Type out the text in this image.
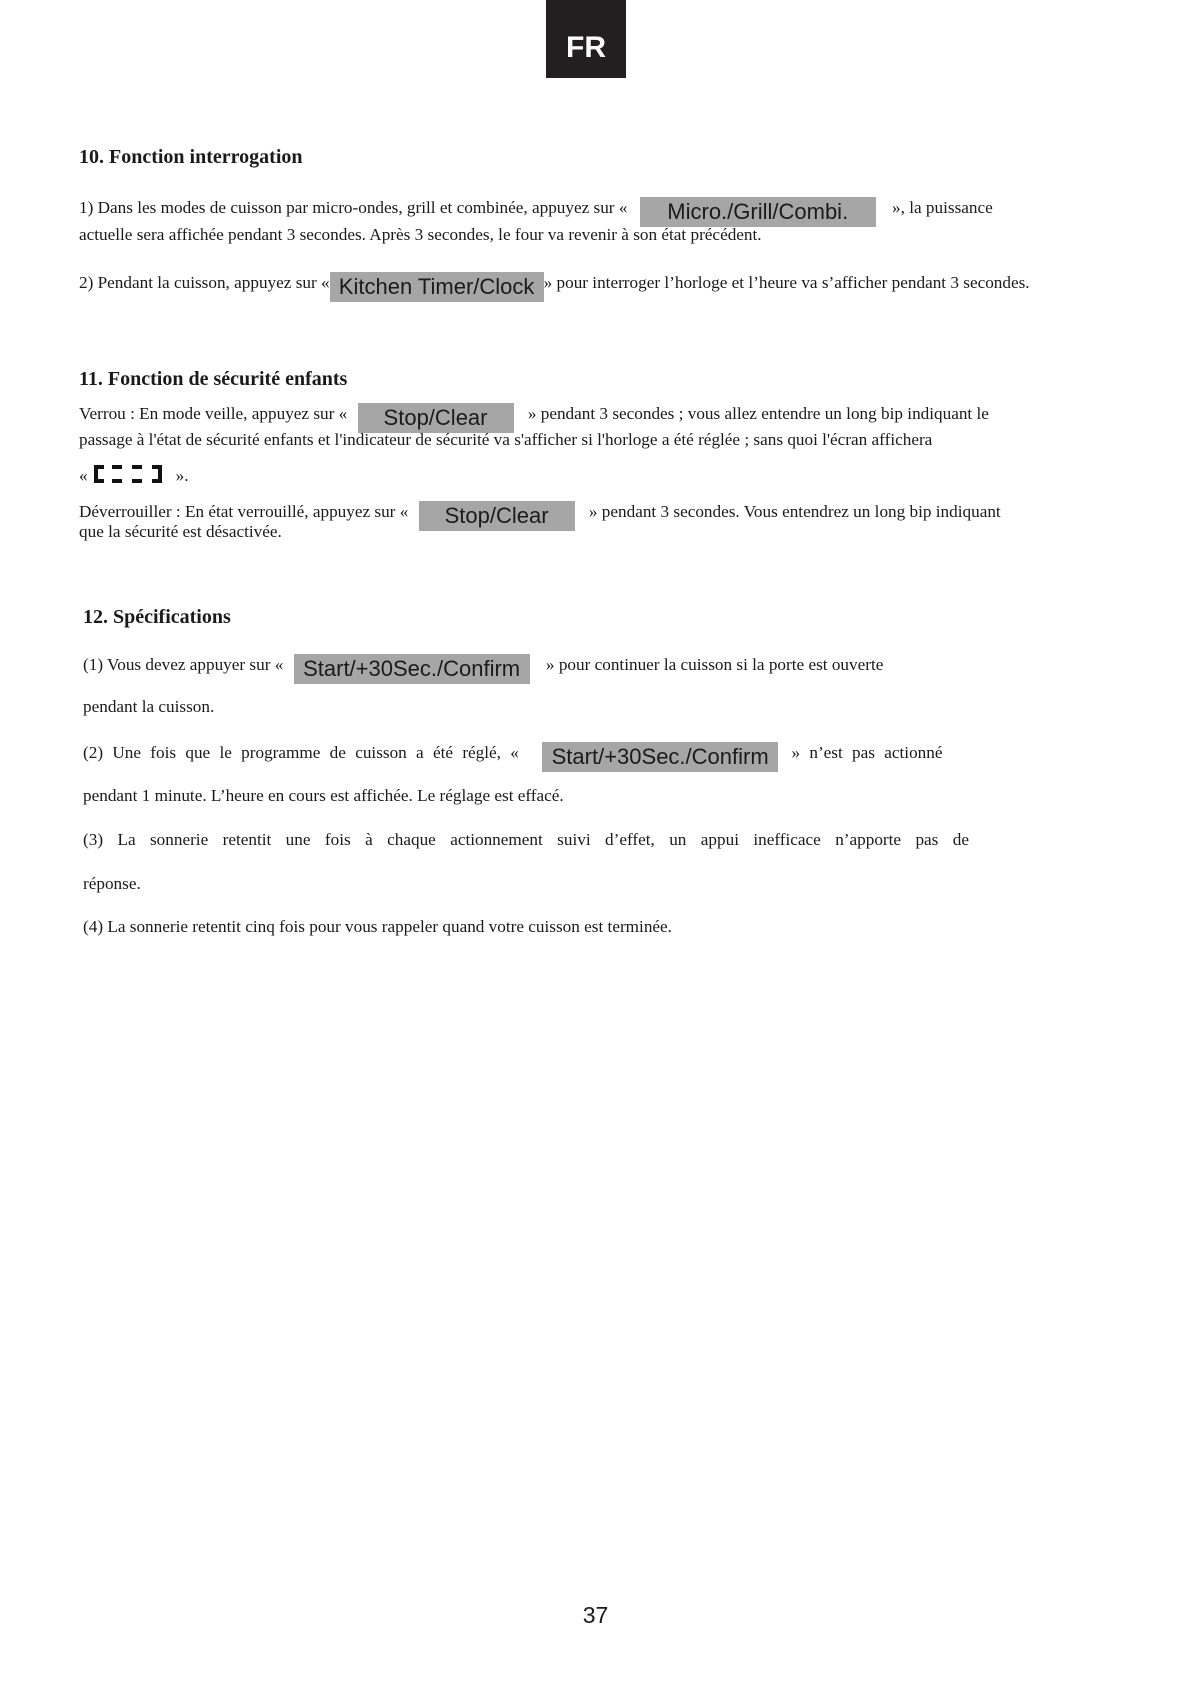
FR
10. Fonction interrogation
1) Dans les modes de cuisson par micro-ondes, grill et combinée, appuyez sur « Micro./Grill/Combi. », la puissance
actuelle sera affichée pendant 3 secondes. Après 3 secondes, le four va revenir à son état précédent.
2) Pendant la cuisson, appuyez sur « Kitchen Timer/Clock » pour interroger l’horloge et l’heure va s’afficher pendant 3 secondes.
11. Fonction de sécurité enfants
Verrou : En mode veille, appuyez sur « Stop/Clear » pendant 3 secondes ; vous allez entendre un long bip indiquant le
passage à l'état de sécurité enfants et l'indicateur de sécurité va s'afficher si l'horloge a été réglée ; sans quoi l'écran affichera
«	».
Déverrouiller : En état verrouillé, appuyez sur « Stop/Clear » pendant 3 secondes. Vous entendrez un long bip indiquant
que la sécurité est désactivée.
12. Spécifications
(1) Vous devez appuyer sur « Start/+30Sec./Confirm » pour continuer la cuisson si la porte est ouverte
pendant la cuisson.
(2) Une fois que le programme de cuisson a été réglé, « Start/+30Sec./Confirm » n’est pas actionné
pendant 1 minute. L’heure en cours est affichée. Le réglage est effacé.
(3) La sonnerie retentit une fois à chaque actionnement suivi d’effet, un appui inefficace n’apporte pas de
réponse.
(4) La sonnerie retentit cinq fois pour vous rappeler quand votre cuisson est terminée.
37
